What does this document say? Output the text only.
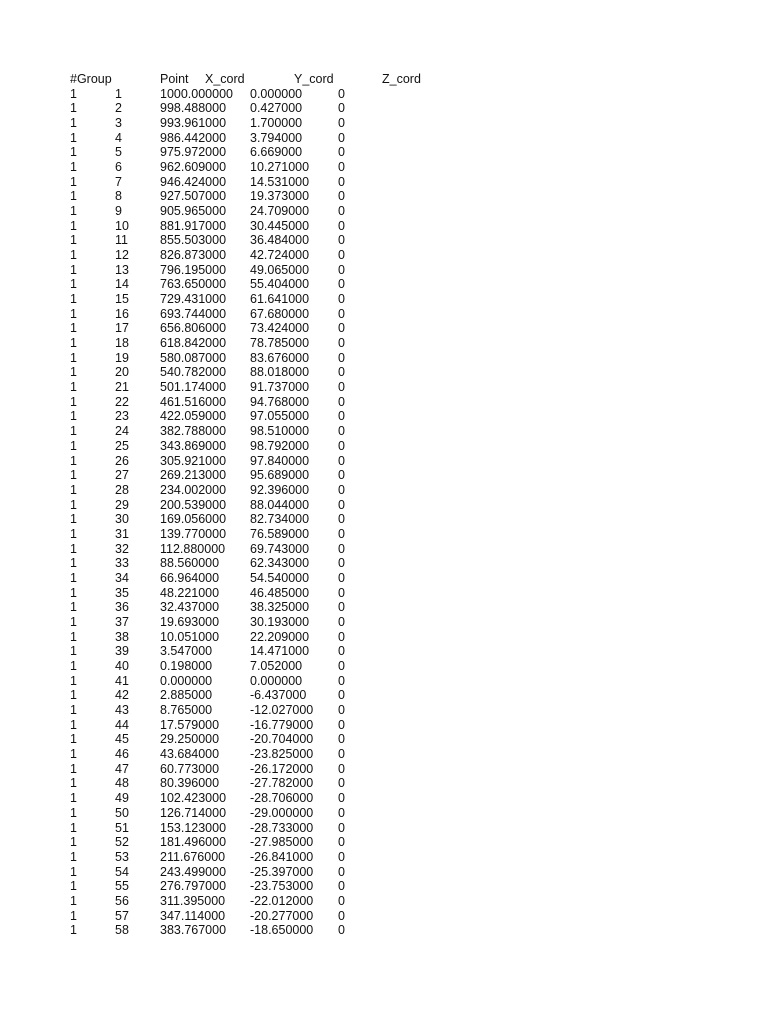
#Group	Point X_cord	Y_cord	Z_cord
1	1	1000.000000 0.000000	0
1	2	998.488000 0.427000	0
1	3	993.961000 1.700000	0
1	4	986.442000 3.794000	0
1	5	975.972000 6.669000	0
1	6	962.609000 10.271000 0
1	7	946.424000 14.531000 0
1	8	927.507000 19.373000 0
1	9	905.965000 24.709000 0
1	10 881.917000 30.445000 0
1	11	855.503000 36.484000 0
1	12 826.873000 42.724000 0
1	13 796.195000 49.065000 0
1	14 763.650000 55.404000 0
1	15 729.431000 61.641000 0
1	16 693.744000 67.680000 0
1	17 656.806000 73.424000 0
1	18 618.842000 78.785000 0
1	19 580.087000 83.676000 0
1	20 540.782000 88.018000 0
1	21 501.174000 91.737000 0
1	22 461.516000 94.768000 0
1	23 422.059000 97.055000 0
1	24 382.788000 98.510000 0
1	25 343.869000 98.792000 0
1	26 305.921000 97.840000 0
1	27 269.213000 95.689000 0
1	28 234.002000 92.396000 0
1	29 200.539000 88.044000 0
1	30 169.056000 82.734000 0
1	31 139.770000 76.589000 0
1	32 112.880000 69.743000 0
1	33 88.560000 62.343000 0
1	34 66.964000 54.540000 0
1	35 48.221000 46.485000 0
1	36 32.437000 38.325000 0
1	37 19.693000 30.193000 0
1	38 10.051000 22.209000 0
1	39 3.547000	14.471000 0
1	40 0.198000	7.052000	0
1	41 0.000000	0.000000	0
1	42 2.885000	-6.437000	0
1	43 8.765000	-12.027000 0
1	44 17.579000 -16.779000 0
1	45 29.250000 -20.704000 0
1	46 43.684000 -23.825000 0
1	47 60.773000 -26.172000 0
1	48 80.396000 -27.782000 0
1	49 102.423000 -28.706000 0
1	50 126.714000 -29.000000 0
1	51 153.123000 -28.733000 0
1	52 181.496000 -27.985000 0
1	53 211.676000 -26.841000 0
1	54 243.499000 -25.397000 0
1	55 276.797000 -23.753000 0
1	56 311.395000 -22.012000 0
1	57 347.114000 -20.277000 0
1	58 383.767000 -18.650000 0
